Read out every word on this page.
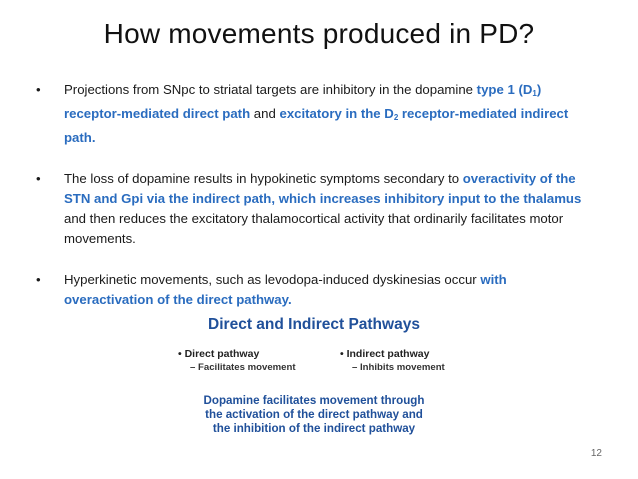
How movements produced in PD?
• Projections from SNpc to striatal targets are inhibitory in the dopamine type 1 $(D_1)$ receptor-mediated direct path and excitatory in the $D_2$ receptor-mediated indirect path.
• The loss of dopamine results in hypokinetic symptoms secondary to overactivity of the STN and Gpi via the indirect path, which increases inhibitory input to the thalamus and then reduces the excitatory thalamocortical activity that ordinarily facilitates motor movements.
• Hyperkinetic movements, such as levodopa-induced dyskinesias occur with overactivation of the direct pathway.
Direct and Indirect Pathways
• Direct pathway
– Facilitates movement
• Indirect pathway
– Inhibits movement
Dopamine facilitates movement through
the activation of the direct pathway and
the inhibition of the indirect pathway
12
